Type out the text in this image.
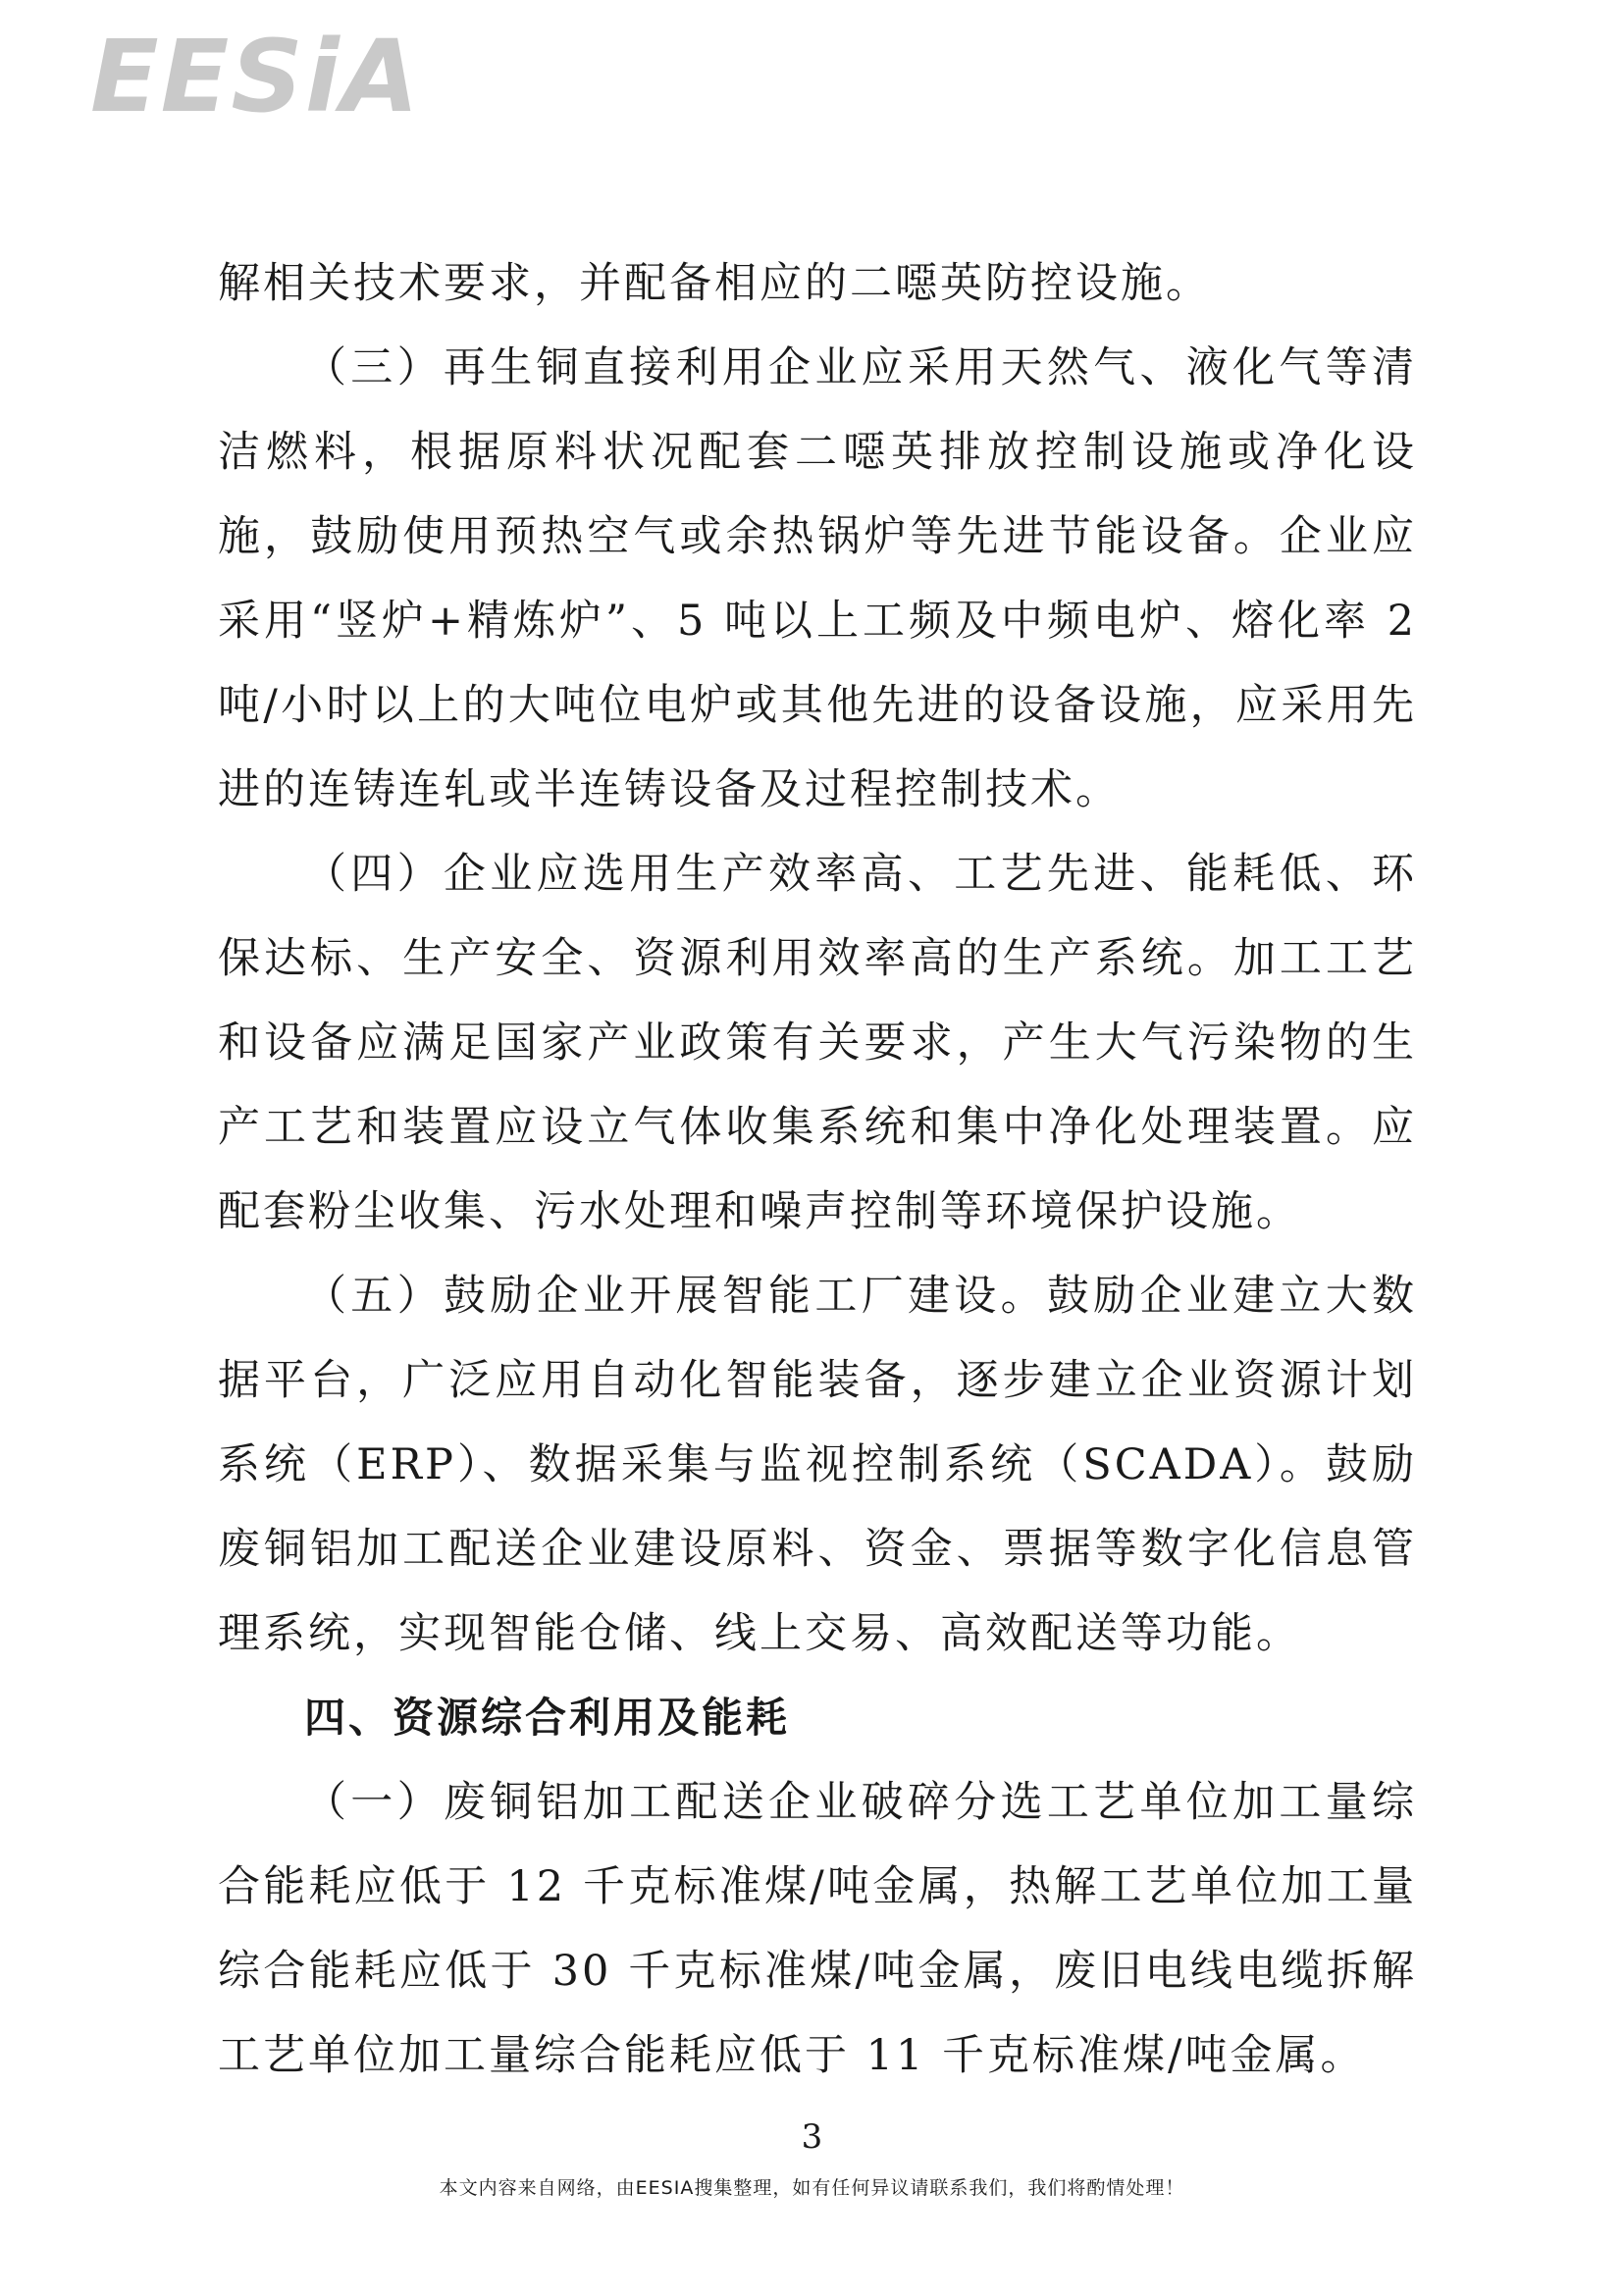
EESiA

解相关技术要求，并配备相应的二噁英防控设施。

（三）再生铜直接利用企业应采用天然气、液化气等清洁燃料，根据原料状况配套二噁英排放控制设施或净化设施，鼓励使用预热空气或余热锅炉等先进节能设备。企业应采用“竖炉+精炼炉”、5 吨以上工频及中频电炉、熔化率 2 吨/小时以上的大吨位电炉或其他先进的设备设施，应采用先进的连铸连轧或半连铸设备及过程控制技术。

（四）企业应选用生产效率高、工艺先进、能耗低、环保达标、生产安全、资源利用效率高的生产系统。加工工艺和设备应满足国家产业政策有关要求，产生大气污染物的生产工艺和装置应设立气体收集系统和集中净化处理装置。应配套粉尘收集、污水处理和噪声控制等环境保护设施。

（五）鼓励企业开展智能工厂建设。鼓励企业建立大数据平台，广泛应用自动化智能装备，逐步建立企业资源计划系统（ERP）、数据采集与监视控制系统（SCADA）。鼓励废铜铝加工配送企业建设原料、资金、票据等数字化信息管理系统，实现智能仓储、线上交易、高效配送等功能。

四、资源综合利用及能耗

（一）废铜铝加工配送企业破碎分选工艺单位加工量综合能耗应低于 12 千克标准煤/吨金属，热解工艺单位加工量综合能耗应低于 30 千克标准煤/吨金属，废旧电线电缆拆解工艺单位加工量综合能耗应低于 11 千克标准煤/吨金属。

3
本文内容来自网络，由EESIA搜集整理，如有任何异议请联系我们，我们将酌情处理！
